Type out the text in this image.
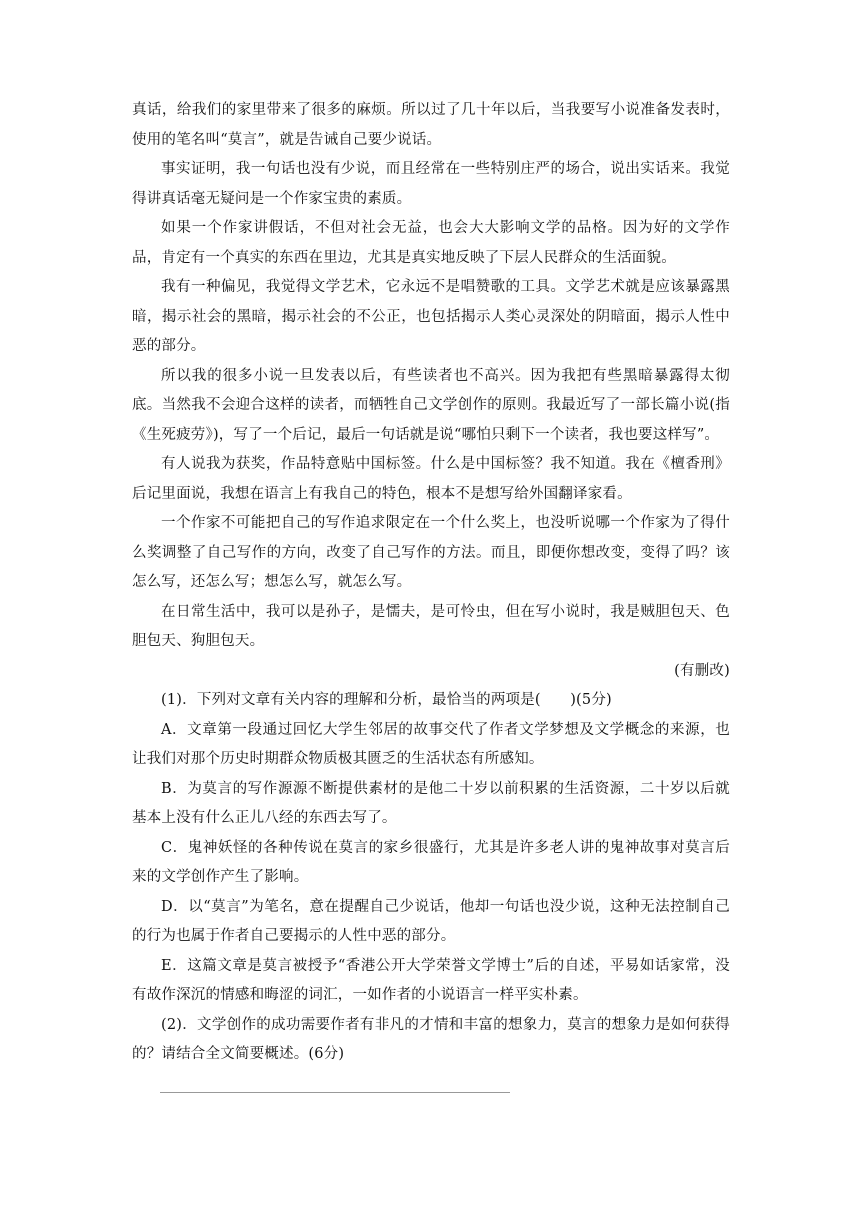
真话，给我们的家里带来了很多的麻烦。所以过了几十年以后，当我要写小说准备发表时，使用的笔名叫“莫言”，就是告诫自己要少说话。

事实证明，我一句话也没有少说，而且经常在一些特别庄严的场合，说出实话来。我觉得讲真话毫无疑问是一个作家宝贵的素质。

如果一个作家讲假话，不但对社会无益，也会大大影响文学的品格。因为好的文学作品，肯定有一个真实的东西在里边，尤其是真实地反映了下层人民群众的生活面貌。

我有一种偏见，我觉得文学艺术，它永远不是唱赞歌的工具。文学艺术就是应该暴露黑暗，揭示社会的黑暗，揭示社会的不公正，也包括揭示人类心灵深处的阴暗面，揭示人性中恶的部分。

所以我的很多小说一旦发表以后，有些读者也不高兴。因为我把有些黑暗暴露得太彻底。当然我不会迎合这样的读者，而牺牲自己文学创作的原则。我最近写了一部长篇小说(指《生死疲劳》)，写了一个后记，最后一句话就是说“哪怕只剩下一个读者，我也要这样写”。

有人说我为获奖，作品特意贴中国标签。什么是中国标签？我不知道。我在《檀香刑》后记里面说，我想在语言上有我自己的特色，根本不是想写给外国翻译家看。

一个作家不可能把自己的写作追求限定在一个什么奖上，也没听说哪一个作家为了得什么奖调整了自己写作的方向，改变了自己写作的方法。而且，即便你想改变，变得了吗？该怎么写，还怎么写；想怎么写，就怎么写。

在日常生活中，我可以是孙子，是懦夫，是可怜虫，但在写小说时，我是贼胆包天、色胆包天、狗胆包天。

(有删改)

(1)．下列对文章有关内容的理解和分析，最恰当的两项是(　　)(5分)

A．文章第一段通过回忆大学生邻居的故事交代了作者文学梦想及文学概念的来源，也让我们对那个历史时期群众物质极其匮乏的生活状态有所感知。

B．为莫言的写作源源不断提供素材的是他二十岁以前积累的生活资源，二十岁以后就基本上没有什么正儿八经的东西去写了。

C．鬼神妖怪的各种传说在莫言的家乡很盛行，尤其是许多老人讲的鬼神故事对莫言后来的文学创作产生了影响。

D．以“莫言”为笔名，意在提醒自己少说话，他却一句话也没少说，这种无法控制自己的行为也属于作者自己要揭示的人性中恶的部分。

E．这篇文章是莫言被授予“香港公开大学荣誉文学博士”后的自述，平易如话家常，没有故作深沉的情感和晦涩的词汇，一如作者的小说语言一样平实朴素。

(2)．文学创作的成功需要作者有非凡的才情和丰富的想象力，莫言的想象力是如何获得的？请结合全文简要概述。(6分)
